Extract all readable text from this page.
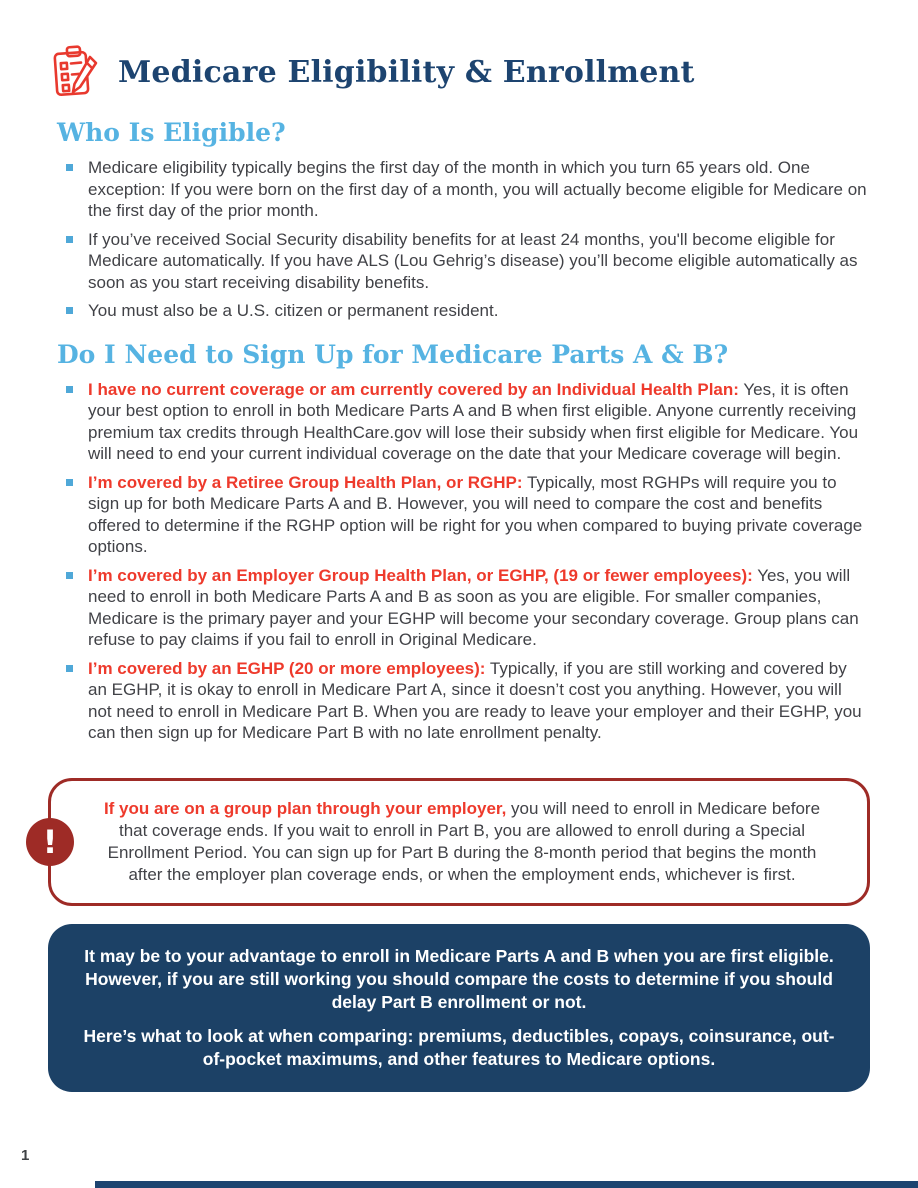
Medicare Eligibility & Enrollment
Who Is Eligible?
Medicare eligibility typically begins the first day of the month in which you turn 65 years old. One exception: If you were born on the first day of a month, you will actually become eligible for Medicare on the first day of the prior month.
If you’ve received Social Security disability benefits for at least 24 months, you'll become eligible for Medicare automatically. If you have ALS (Lou Gehrig’s disease) you’ll become eligible automatically as soon as you start receiving disability benefits.
You must also be a U.S. citizen or permanent resident.
Do I Need to Sign Up for Medicare Parts A & B?
I have no current coverage or am currently covered by an Individual Health Plan: Yes, it is often your best option to enroll in both Medicare Parts A and B when first eligible. Anyone currently receiving premium tax credits through HealthCare.gov will lose their subsidy when first eligible for Medicare. You will need to end your current individual coverage on the date that your Medicare coverage will begin.
I’m covered by a Retiree Group Health Plan, or RGHP: Typically, most RGHPs will require you to sign up for both Medicare Parts A and B. However, you will need to compare the cost and benefits offered to determine if the RGHP option will be right for you when compared to buying private coverage options.
I’m covered by an Employer Group Health Plan, or EGHP, (19 or fewer employees): Yes, you will need to enroll in both Medicare Parts A and B as soon as you are eligible. For smaller companies, Medicare is the primary payer and your EGHP will become your secondary coverage. Group plans can refuse to pay claims if you fail to enroll in Original Medicare.
I’m covered by an EGHP (20 or more employees): Typically, if you are still working and covered by an EGHP, it is okay to enroll in Medicare Part A, since it doesn’t cost you anything. However, you will not need to enroll in Medicare Part B. When you are ready to leave your employer and their EGHP, you can then sign up for Medicare Part B with no late enrollment penalty.
!
If you are on a group plan through your employer, you will need to enroll in Medicare before that coverage ends. If you wait to enroll in Part B, you are allowed to enroll during a Special Enrollment Period. You can sign up for Part B during the 8-month period that begins the month after the employer plan coverage ends, or when the employment ends, whichever is first.

It may be to your advantage to enroll in Medicare Parts A and B when you are first eligible. However, if you are still working you should compare the costs to determine if you should delay Part B enrollment or not.

Here’s what to look at when comparing: premiums, deductibles, copays, coinsurance, out-of-pocket maximums, and other features to Medicare options.

1
